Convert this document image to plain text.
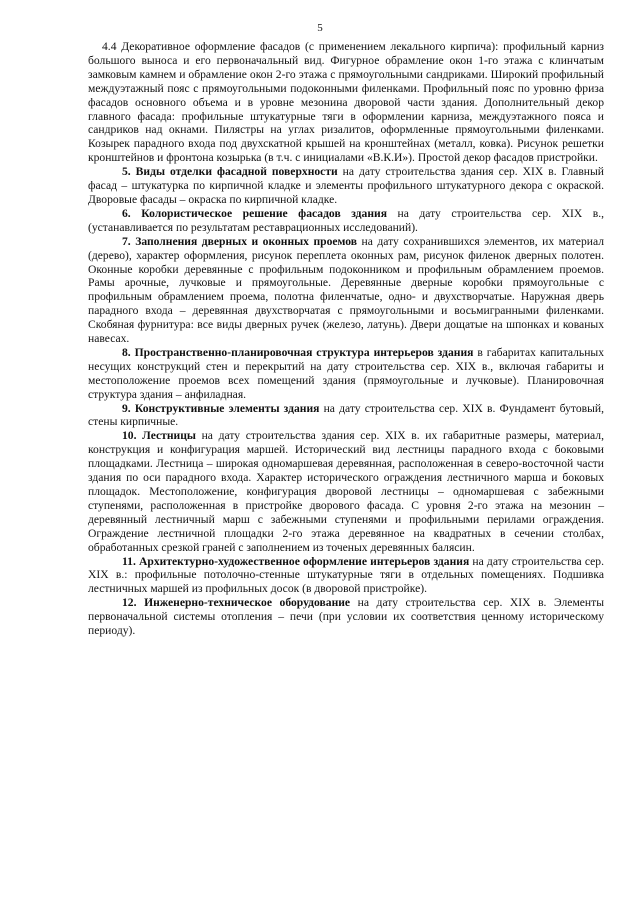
5

4.4 Декоративное оформление фасадов (с применением лекального кирпича): профильный карниз большого выноса и его первоначальный вид. Фигурное обрамление окон 1-го этажа с клинчатым замковым камнем и обрамление окон 2-го этажа с прямоугольными сандриками. Широкий профильный междуэтажный пояс с прямоугольными подоконными филенками. Профильный пояс по уровню фриза фасадов основного объема и в уровне мезонина дворовой части здания. Дополнительный декор главного фасада: профильные штукатурные тяги в оформлении карниза, междуэтажного пояса и сандриков над окнами. Пилястры на углах ризалитов, оформленные прямоугольными филенками. Козырек парадного входа под двухскатной крышей на кронштейнах (металл, ковка). Рисунок решетки кронштейнов и фронтона козырька (в т.ч. с инициалами «В.К.И»). Простой декор фасадов пристройки.

5. Виды отделки фасадной поверхности на дату строительства здания сер. XIX в. Главный фасад – штукатурка по кирпичной кладке и элементы профильного штукатурного декора с окраской. Дворовые фасады – окраска по кирпичной кладке.

6. Колористическое решение фасадов здания на дату строительства сер. XIX в., (устанавливается по результатам реставрационных исследований).

7. Заполнения дверных и оконных проемов на дату сохранившихся элементов, их материал (дерево), характер оформления, рисунок переплета оконных рам, рисунок филенок дверных полотен. Оконные коробки деревянные с профильным подоконником и профильным обрамлением проемов. Рамы арочные, лучковые и прямоугольные. Деревянные дверные коробки прямоугольные с профильным обрамлением проема, полотна филенчатые, одно- и двухстворчатые. Наружная дверь парадного входа – деревянная двухстворчатая с прямоугольными и восьмигранными филенками. Скобяная фурнитура: все виды дверных ручек (железо, латунь). Двери дощатые на шпонках и кованых навесах.

8. Пространственно-планировочная структура интерьеров здания в габаритах капитальных несущих конструкций стен и перекрытий на дату строительства сер. XIX в., включая габариты и местоположение проемов всех помещений здания (прямоугольные и лучковые). Планировочная структура здания – анфиладная.

9. Конструктивные элементы здания на дату строительства сер. XIX в. Фундамент бутовый, стены кирпичные.

10. Лестницы на дату строительства здания сер. XIX в. их габаритные размеры, материал, конструкция и конфигурация маршей. Исторический вид лестницы парадного входа с боковыми площадками. Лестница – широкая одномаршевая деревянная, расположенная в северо-восточной части здания по оси парадного входа. Характер исторического ограждения лестничного марша и боковых площадок. Местоположение, конфигурация дворовой лестницы – одномаршевая с забежными ступенями, расположенная в пристройке дворового фасада. С уровня 2-го этажа на мезонин – деревянный лестничный марш с забежными ступенями и профильными перилами ограждения. Ограждение лестничной площадки 2-го этажа деревянное на квадратных в сечении столбах, обработанных срезкой граней с заполнением из точеных деревянных балясин.

11. Архитектурно-художественное оформление интерьеров здания на дату строительства сер. XIX в.: профильные потолочно-стенные штукатурные тяги в отдельных помещениях. Подшивка лестничных маршей из профильных досок (в дворовой пристройке).

12. Инженерно-техническое оборудование на дату строительства сер. XIX в. Элементы первоначальной системы отопления – печи (при условии их соответствия ценному историческому периоду).
